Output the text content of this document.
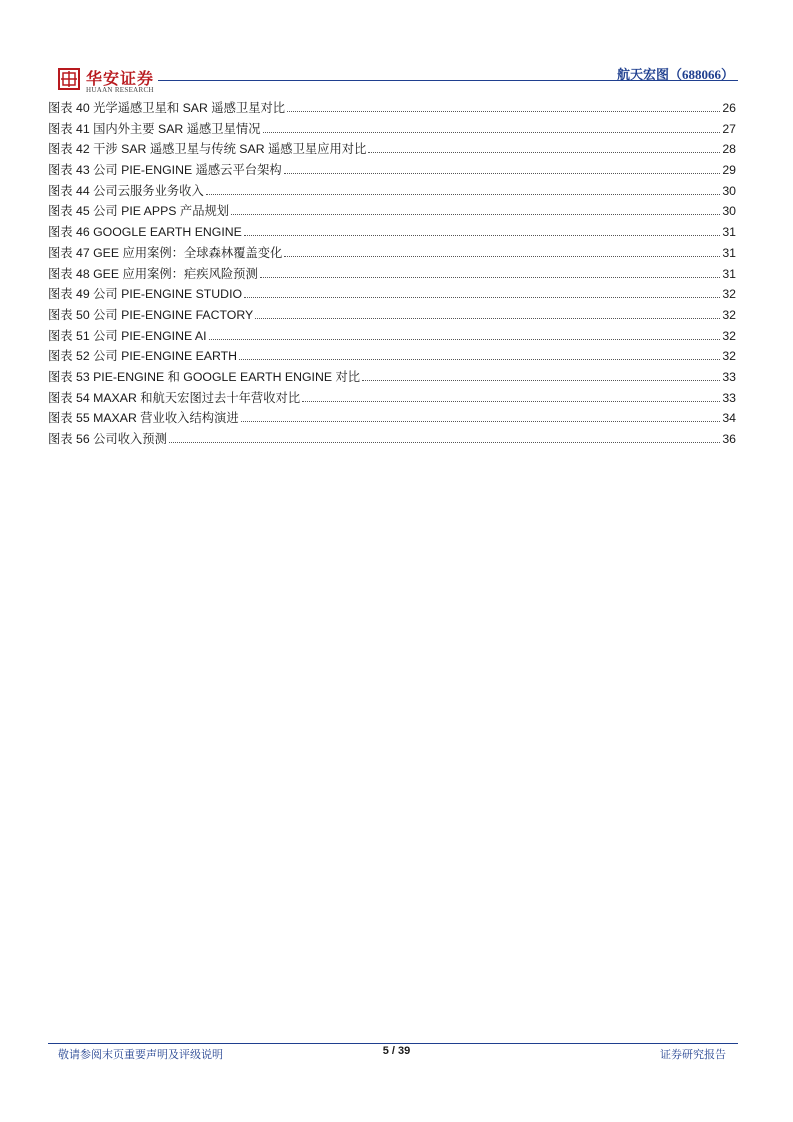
华安证券
HUAAN RESEARCH
航天宏图（688066）
图表 40 光学遥感卫星和 SAR 遥感卫星对比	26
图表 41 国内外主要 SAR 遥感卫星情况	27
图表 42 干涉 SAR 遥感卫星与传统 SAR 遥感卫星应用对比	28
图表 43 公司 PIE-ENGINE 遥感云平台架构	29
图表 44 公司云服务业务收入	30
图表 45 公司 PIE APPS 产品规划	30
图表 46 GOOGLE EARTH ENGINE	31
图表 47 GEE 应用案例：全球森林覆盖变化	31
图表 48 GEE 应用案例：疟疾风险预测	31
图表 49 公司 PIE-ENGINE STUDIO	32
图表 50 公司 PIE-ENGINE FACTORY	32
图表 51 公司 PIE-ENGINE AI	32
图表 52 公司 PIE-ENGINE EARTH	32
图表 53 PIE-ENGINE 和 GOOGLE EARTH ENGINE 对比	33
图表 54 MAXAR 和航天宏图过去十年营收对比	33
图表 55 MAXAR 营业收入结构演进	34
图表 56 公司收入预测	36
敬请参阅末页重要声明及评级说明	5 / 39	证券研究报告
